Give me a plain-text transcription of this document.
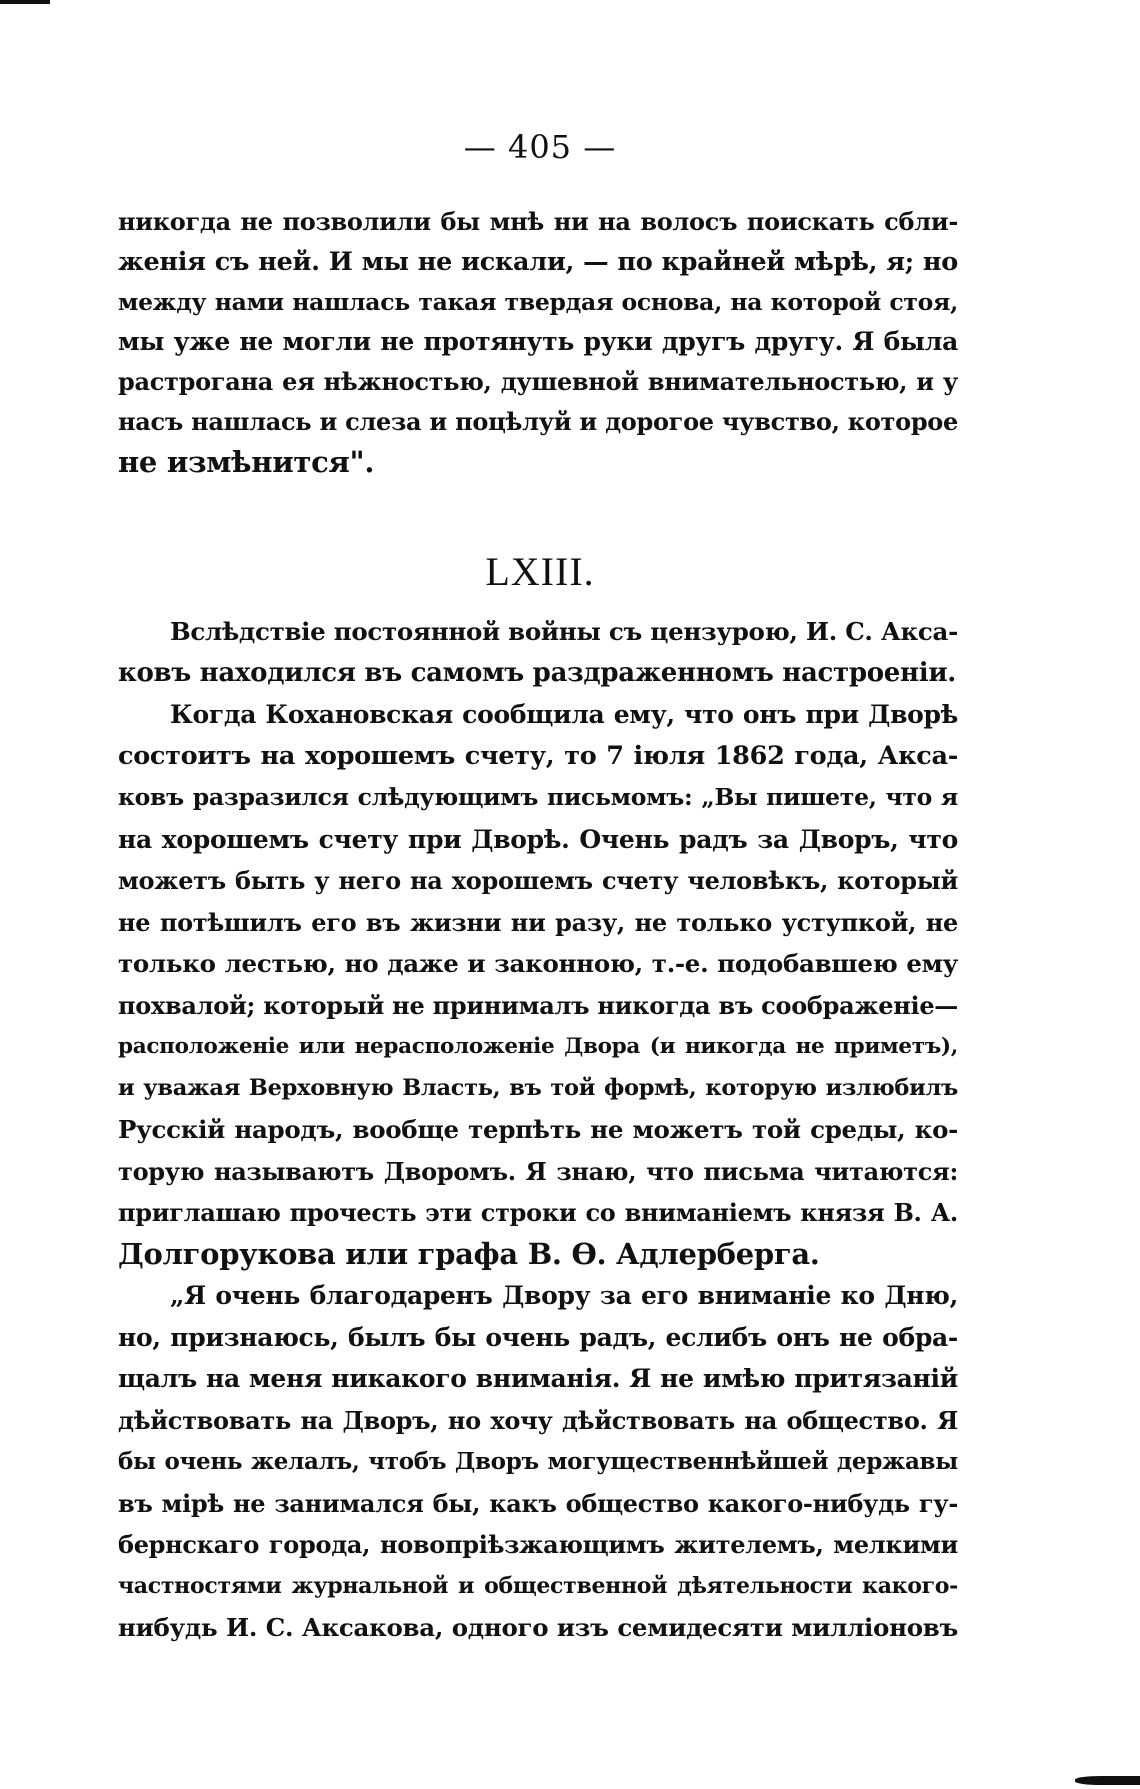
— 405 —
никогда не позволили бы мнѣ ни на волосъ поискать сбли-
женія съ ней. И мы не искали, — по крайней мѣрѣ, я; но
между нами нашлась такая твердая основа, на которой стоя,
мы уже не могли не протянуть руки другъ другу. Я была
растрогана ея нѣжностью, душевной внимательностью, и у
насъ нашлась и слеза и поцѣлуй и дорогое чувство, которое
не измѣнится".
LXIII.
Вслѣдствіе постоянной войны съ цензурою, И. С. Акса-
ковъ находился въ самомъ раздраженномъ настроеніи.
Когда Кохановская сообщила ему, что онъ при Дворѣ
состоитъ на хорошемъ счету, то 7 іюля 1862 года, Акса-
ковъ разразился слѣдующимъ письмомъ: „Вы пишете, что я
на хорошемъ счету при Дворѣ. Очень радъ за Дворъ, что
можетъ быть у него на хорошемъ счету человѣкъ, который
не потѣшилъ его въ жизни ни разу, не только уступкой, не
только лестью, но даже и законною, т.-е. подобавшею ему
похвалой; который не принималъ никогда въ соображеніе—
расположеніе или нерасположеніе Двора (и никогда не приметъ),
и уважая Верховную Власть, въ той формѣ, которую излюбилъ
Русскій народъ, вообще терпѣть не можетъ той среды, ко-
торую называютъ Дворомъ. Я знаю, что письма читаются:
приглашаю прочесть эти строки со вниманіемъ князя В. А.
Долгорукова или графа В. Ѳ. Адлерберга.
„Я очень благодаренъ Двору за его вниманіе ко Дню,
но, признаюсь, былъ бы очень радъ, еслибъ онъ не обра-
щалъ на меня никакого вниманія. Я не имѣю притязаній
дѣйствовать на Дворъ, но хочу дѣйствовать на общество. Я
бы очень желалъ, чтобъ Дворъ могущественнѣйшей державы
въ мірѣ не занимался бы, какъ общество какого-нибудь гу-
бернскаго города, новопріѣзжающимъ жителемъ, мелкими
частностями журнальной и общественной дѣятельности какого-
нибудь И. С. Аксакова, одного изъ семидесяти милліоновъ
